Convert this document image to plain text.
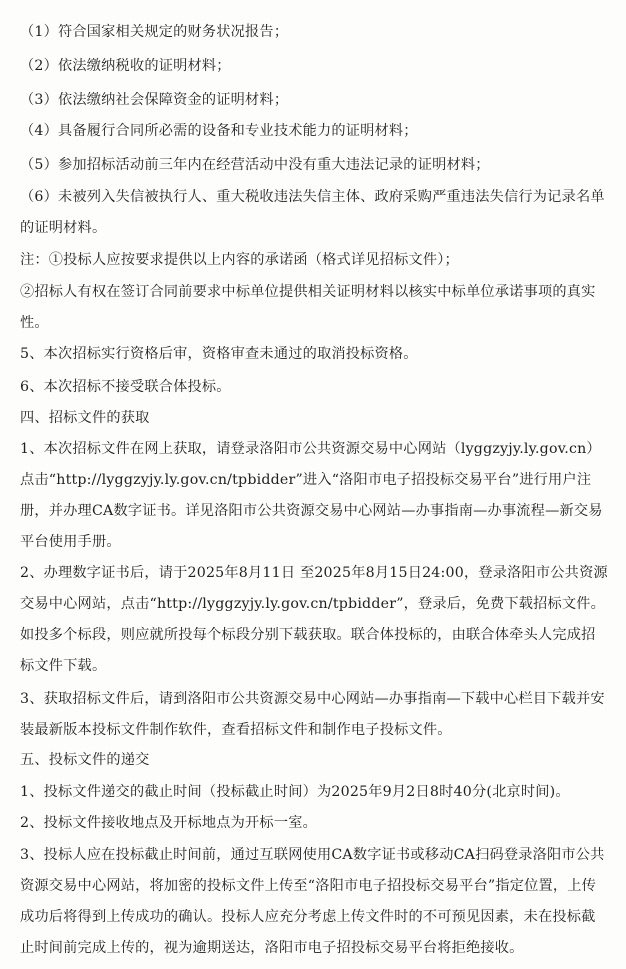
（1）符合国家相关规定的财务状况报告；

（2）依法缴纳税收的证明材料；

（3）依法缴纳社会保障资金的证明材料；

（4）具备履行合同所必需的设备和专业技术能力的证明材料；

（5）参加招标活动前三年内在经营活动中没有重大违法记录的证明材料；

（6）未被列入失信被执行人、重大税收违法失信主体、政府采购严重违法失信行为记录名单的证明材料。

注：①投标人应按要求提供以上内容的承诺函（格式详见招标文件）；

②招标人有权在签订合同前要求中标单位提供相关证明材料以核实中标单位承诺事项的真实性。

5、本次招标实行资格后审，资格审查未通过的取消投标资格。

6、本次招标不接受联合体投标。

四、招标文件的获取

1、本次招标文件在网上获取，请登录洛阳市公共资源交易中心网站（lyggzyjy.ly.gov.cn）点击“http://lyggzyjy.ly.gov.cn/tpbidder”进入“洛阳市电子招投标交易平台”进行用户注册，并办理CA数字证书。详见洛阳市公共资源交易中心网站—办事指南—办事流程—新交易平台使用手册。

2、办理数字证书后，请于2025年8月11日 至2025年8月15日24:00，登录洛阳市公共资源交易中心网站，点击“http://lyggzyjy.ly.gov.cn/tpbidder”，登录后，免费下载招标文件。如投多个标段，则应就所投每个标段分别下载获取。联合体投标的，由联合体牵头人完成招标文件下载。

3、获取招标文件后，请到洛阳市公共资源交易中心网站—办事指南—下载中心栏目下载并安装最新版本投标文件制作软件，查看招标文件和制作电子投标文件。

五、投标文件的递交

1、投标文件递交的截止时间（投标截止时间）为2025年9月2日8时40分(北京时间)。

2、投标文件接收地点及开标地点为开标一室。

3、投标人应在投标截止时间前，通过互联网使用CA数字证书或移动CA扫码登录洛阳市公共资源交易中心网站，将加密的投标文件上传至“洛阳市电子招投标交易平台”指定位置，上传成功后将得到上传成功的确认。投标人应充分考虑上传文件时的不可预见因素，未在投标截止时间前完成上传的，视为逾期送达，洛阳市电子招投标交易平台将拒绝接收。
